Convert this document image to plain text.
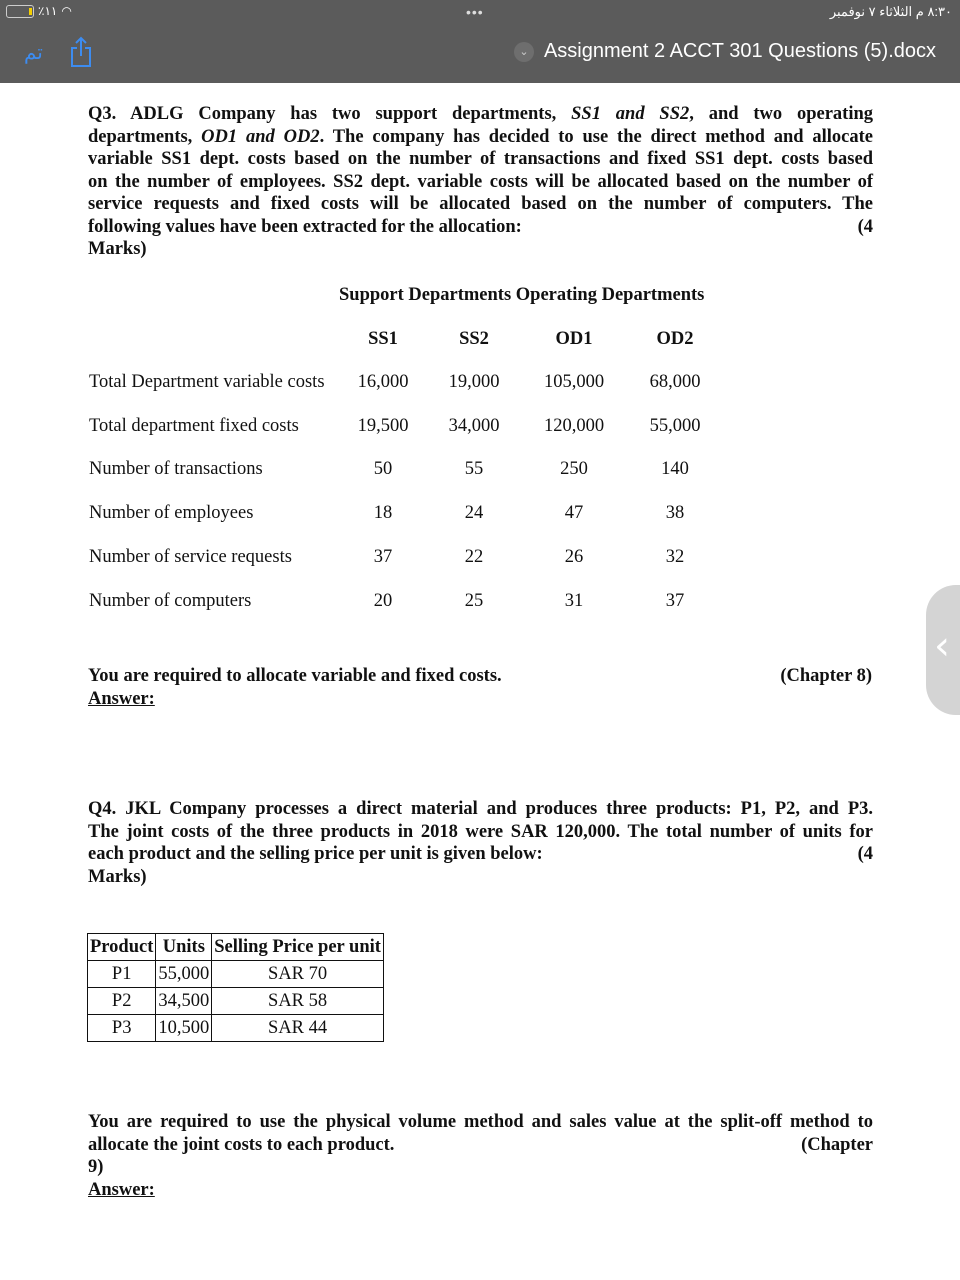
٪١١ ◠	•••	٨:٣٠ م الثلاثاء ٧ نوفمبر
تم	⌄ Assignment 2 ACCT 301 Questions (5).docx
Q3. ADLG Company has two support departments, SS1 and SS2, and two operating
departments, OD1 and OD2. The company has decided to use the direct method and allocate
variable SS1 dept. costs based on the number of transactions and fixed SS1 dept. costs based
on the number of employees. SS2 dept. variable costs will be allocated based on the number of
service requests and fixed costs will be allocated based on the number of computers. The
following values have been extracted for the allocation:	(4
Marks)
Support Departments Operating Departments
SS1	SS2	OD1	OD2
Total Department variable costs 16,000 19,000 105,000 68,000
Total department fixed costs	19,500 34,000 120,000 55,000
Number of transactions	50	55	250	140
Number of employees	18	24	47	38
Number of service requests	37	22	26	32
Number of computers	20	25	31	37
You are required to allocate variable and fixed costs.	(Chapter 8)
Answer:
Q4. JKL Company processes a direct material and produces three products: P1, P2, and P3.
The joint costs of the three products in 2018 were SAR 120,000. The total number of units for
each product and the selling price per unit is given below:	(4
Marks)
Product	Units	Selling Price per unit
P1	55,000	SAR 70
P2	34,500	SAR 58
P3	10,500	SAR 44
You are required to use the physical volume method and sales value at the split-off method to
allocate the joint costs to each product.	(Chapter
9)
Answer:
‹
